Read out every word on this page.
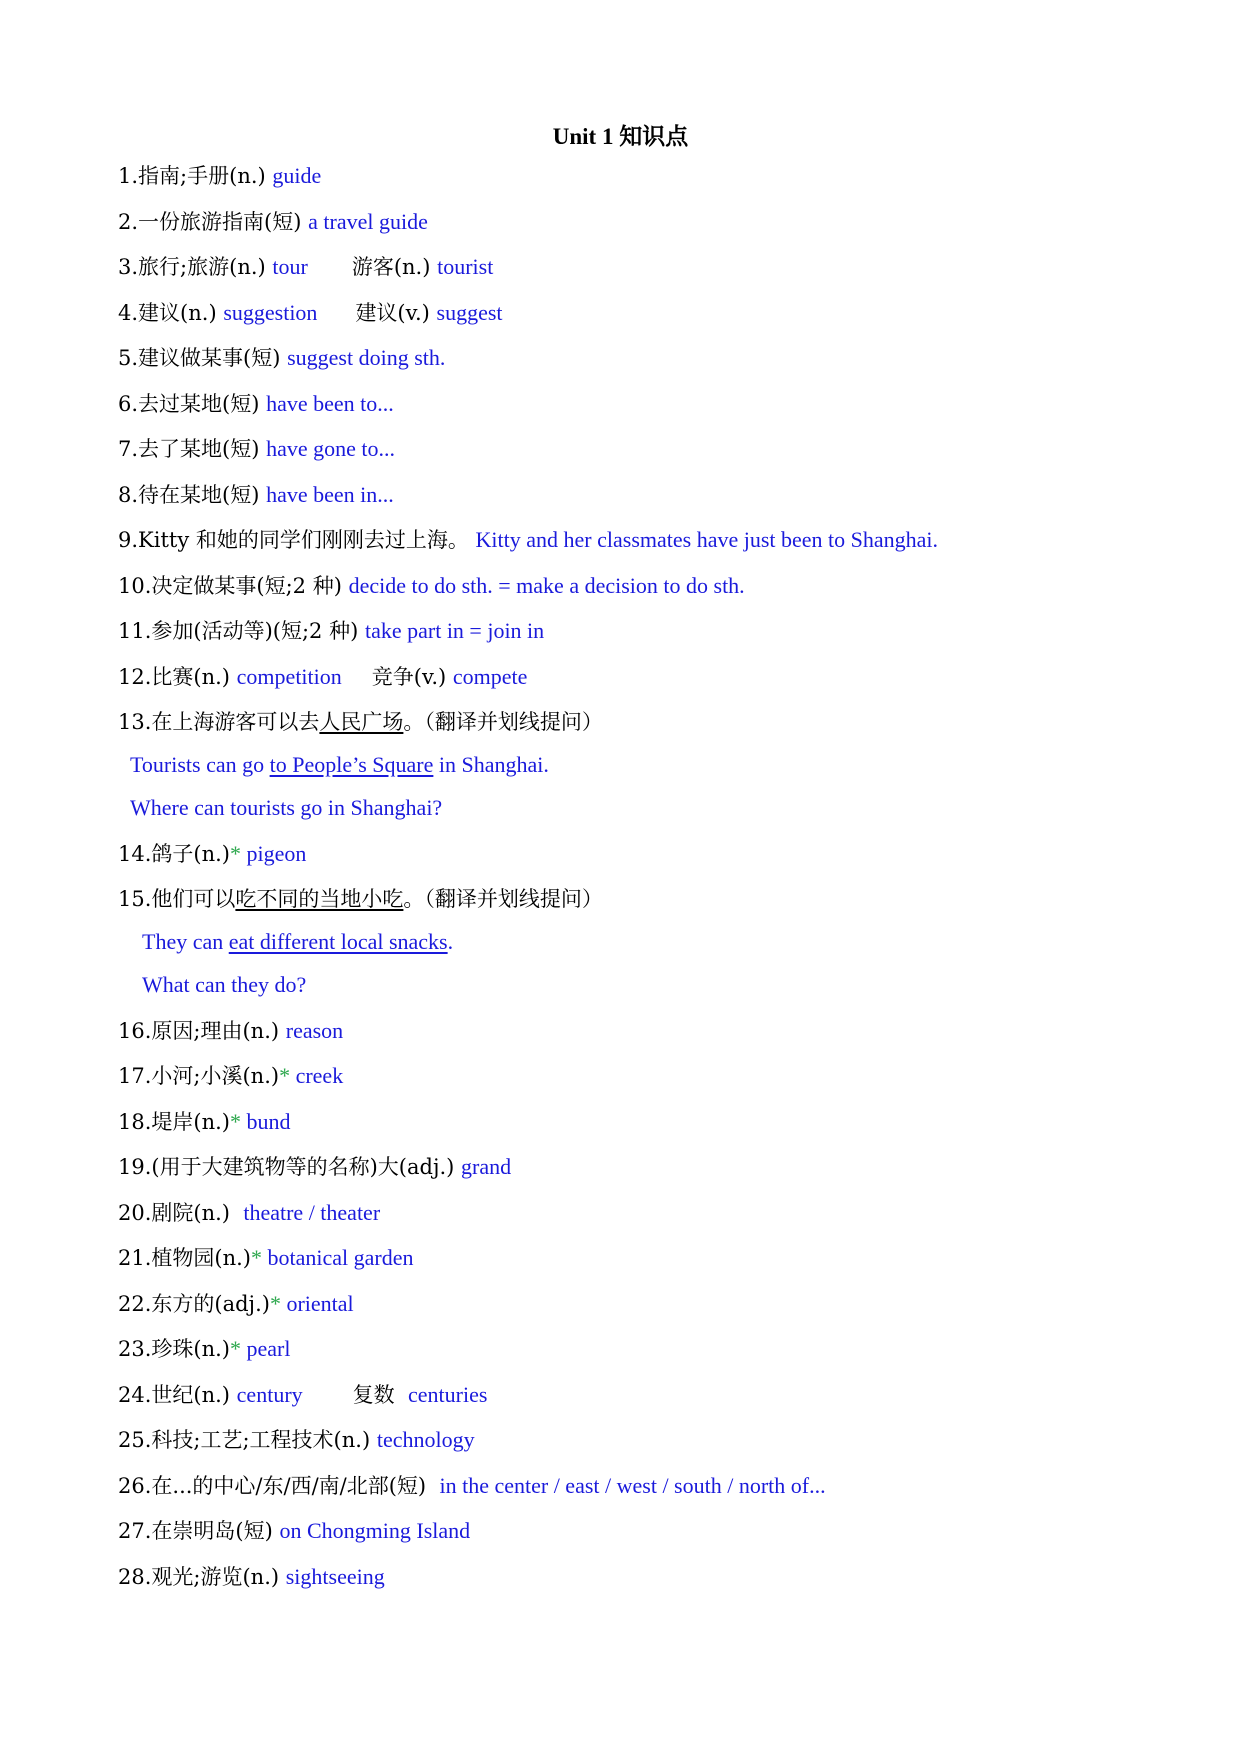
Unit 1 知识点
1.指南;手册(n.) guide
2.一份旅游指南(短) a travel guide
3.旅行;旅游(n.) tour 游客(n.) tourist
4.建议(n.) suggestion 建议(v.) suggest
5.建议做某事(短) suggest doing sth.
6.去过某地(短) have been to...
7.去了某地(短) have gone to...
8.待在某地(短) have been in...
9.Kitty 和她的同学们刚刚去过上海。 Kitty and her classmates have just been to Shanghai.
10.决定做某事(短;2 种) decide to do sth. = make a decision to do sth.
11.参加(活动等)(短;2 种) take part in = join in
12.比赛(n.) competition 竞争(v.) compete
13.在上海游客可以去人民广场。（翻译并划线提问）
Tourists can go to People’s Square in Shanghai.
Where can tourists go in Shanghai?
14.鸽子(n.)* pigeon
15.他们可以吃不同的当地小吃。（翻译并划线提问）
They can eat different local snacks.
What can they do?
16.原因;理由(n.) reason
17.小河;小溪(n.)* creek
18.堤岸(n.)* bund
19.(用于大建筑物等的名称)大(adj.) grand
20.剧院(n.)  theatre / theater
21.植物园(n.)* botanical garden
22.东方的(adj.)* oriental
23.珍珠(n.)* pearl
24.世纪(n.) century 复数  centuries
25.科技;工艺;工程技术(n.) technology
26.在...的中心/东/西/南/北部(短)  in the center / east / west / south / north of...
27.在崇明岛(短) on Chongming Island
28.观光;游览(n.) sightseeing
